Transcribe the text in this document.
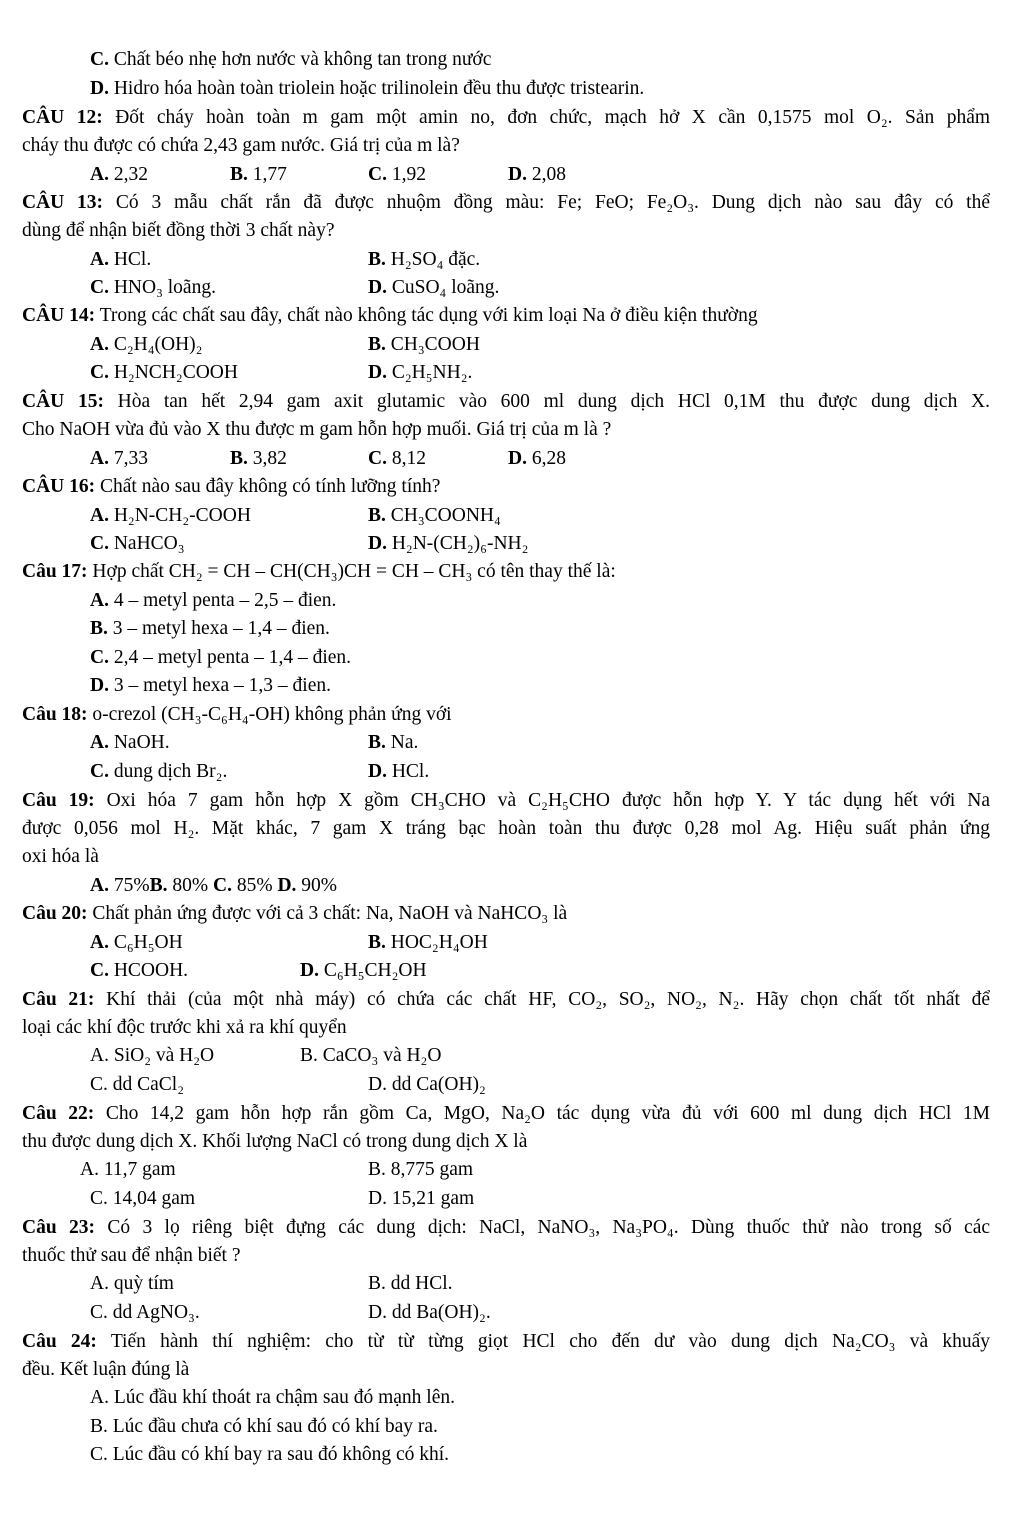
C. Chất béo nhẹ hơn nước và không tan trong nước
D. Hidro hóa hoàn toàn triolein hoặc trilinolein đều thu được tristearin.
CÂU 12: Đốt cháy hoàn toàn m gam một amin no, đơn chức, mạch hở X cần 0,1575 mol O₂. Sản phẩm
cháy thu được có chứa 2,43 gam nước. Giá trị của m là?
A. 2,32	B. 1,77	C. 1,92	D. 2,08
CÂU 13: Có 3 mẫu chất rắn đã được nhuộm đồng màu: Fe; FeO; Fe₂O₃. Dung dịch nào sau đây có thể
dùng để nhận biết đồng thời 3 chất này?
A. HCl.	B. H₂SO₄ đặc.
C. HNO₃ loãng.	D. CuSO₄ loãng.
CÂU 14: Trong các chất sau đây, chất nào không tác dụng với kim loại Na ở điều kiện thường
A. C₂H₄(OH)₂	B. CH₃COOH
C. H₂NCH₂COOH	D. C₂H₅NH₂.
CÂU 15: Hòa tan hết 2,94 gam axit glutamic vào 600 ml dung dịch HCl 0,1M thu được dung dịch X.
Cho NaOH vừa đủ vào X thu được m gam hỗn hợp muối. Giá trị của m là ?
A. 7,33	B. 3,82	C. 8,12	D. 6,28
CÂU 16: Chất nào sau đây không có tính lưỡng tính?
A. H₂N-CH₂-COOH	B. CH₃COONH₄
C. NaHCO₃	D. H₂N-(CH₂)₆-NH₂
Câu 17: Hợp chất CH₂ = CH – CH(CH₃)CH = CH – CH₃ có tên thay thế là:
A. 4 – metyl penta – 2,5 – đien.
B. 3 – metyl hexa – 1,4 – đien.
C. 2,4 – metyl penta – 1,4 – đien.
D. 3 – metyl hexa – 1,3 – đien.
Câu 18: o-crezol (CH₃-C₆H₄-OH) không phản ứng với
A. NaOH.	B. Na.
C. dung dịch Br₂.	D. HCl.
Câu 19: Oxi hóa 7 gam hỗn hợp X gồm CH₃CHO và C₂H₅CHO được hỗn hợp Y. Y tác dụng hết với Na
được 0,056 mol H₂. Mặt khác, 7 gam X tráng bạc hoàn toàn thu được 0,28 mol Ag. Hiệu suất phản ứng
oxi hóa là
A. 75%B. 80% C. 85% D. 90%
Câu 20: Chất phản ứng được với cả 3 chất: Na, NaOH và NaHCO₃ là
A. C₆H₅OH	B. HOC₂H₄OH
C. HCOOH.	D. C₆H₅CH₂OH
Câu 21: Khí thải (của một nhà máy) có chứa các chất HF, CO₂, SO₂, NO₂, N₂. Hãy chọn chất tốt nhất để
loại các khí độc trước khi xả ra khí quyển
A. SiO₂ và H₂O	B. CaCO₃ và H₂O
C. dd CaCl₂	D. dd Ca(OH)₂
Câu 22: Cho 14,2 gam hỗn hợp rắn gồm Ca, MgO, Na₂O tác dụng vừa đủ với 600 ml dung dịch HCl 1M
thu được dung dịch X. Khối lượng NaCl có trong dung dịch X là
A. 11,7 gam	B. 8,775 gam
C. 14,04 gam	D. 15,21 gam
Câu 23: Có 3 lọ riêng biệt đựng các dung dịch: NaCl, NaNO₃, Na₃PO₄. Dùng thuốc thử nào trong số các
thuốc thử sau để nhận biết ?
A. quỳ tím	B. dd HCl.
C. dd AgNO₃.	D. dd Ba(OH)₂.
Câu 24: Tiến hành thí nghiệm: cho từ từ từng giọt HCl cho đến dư vào dung dịch Na₂CO₃ và khuấy
đều. Kết luận đúng là
A. Lúc đầu khí thoát ra chậm sau đó mạnh lên.
B. Lúc đầu chưa có khí sau đó có khí bay ra.
C. Lúc đầu có khí bay ra sau đó không có khí.
